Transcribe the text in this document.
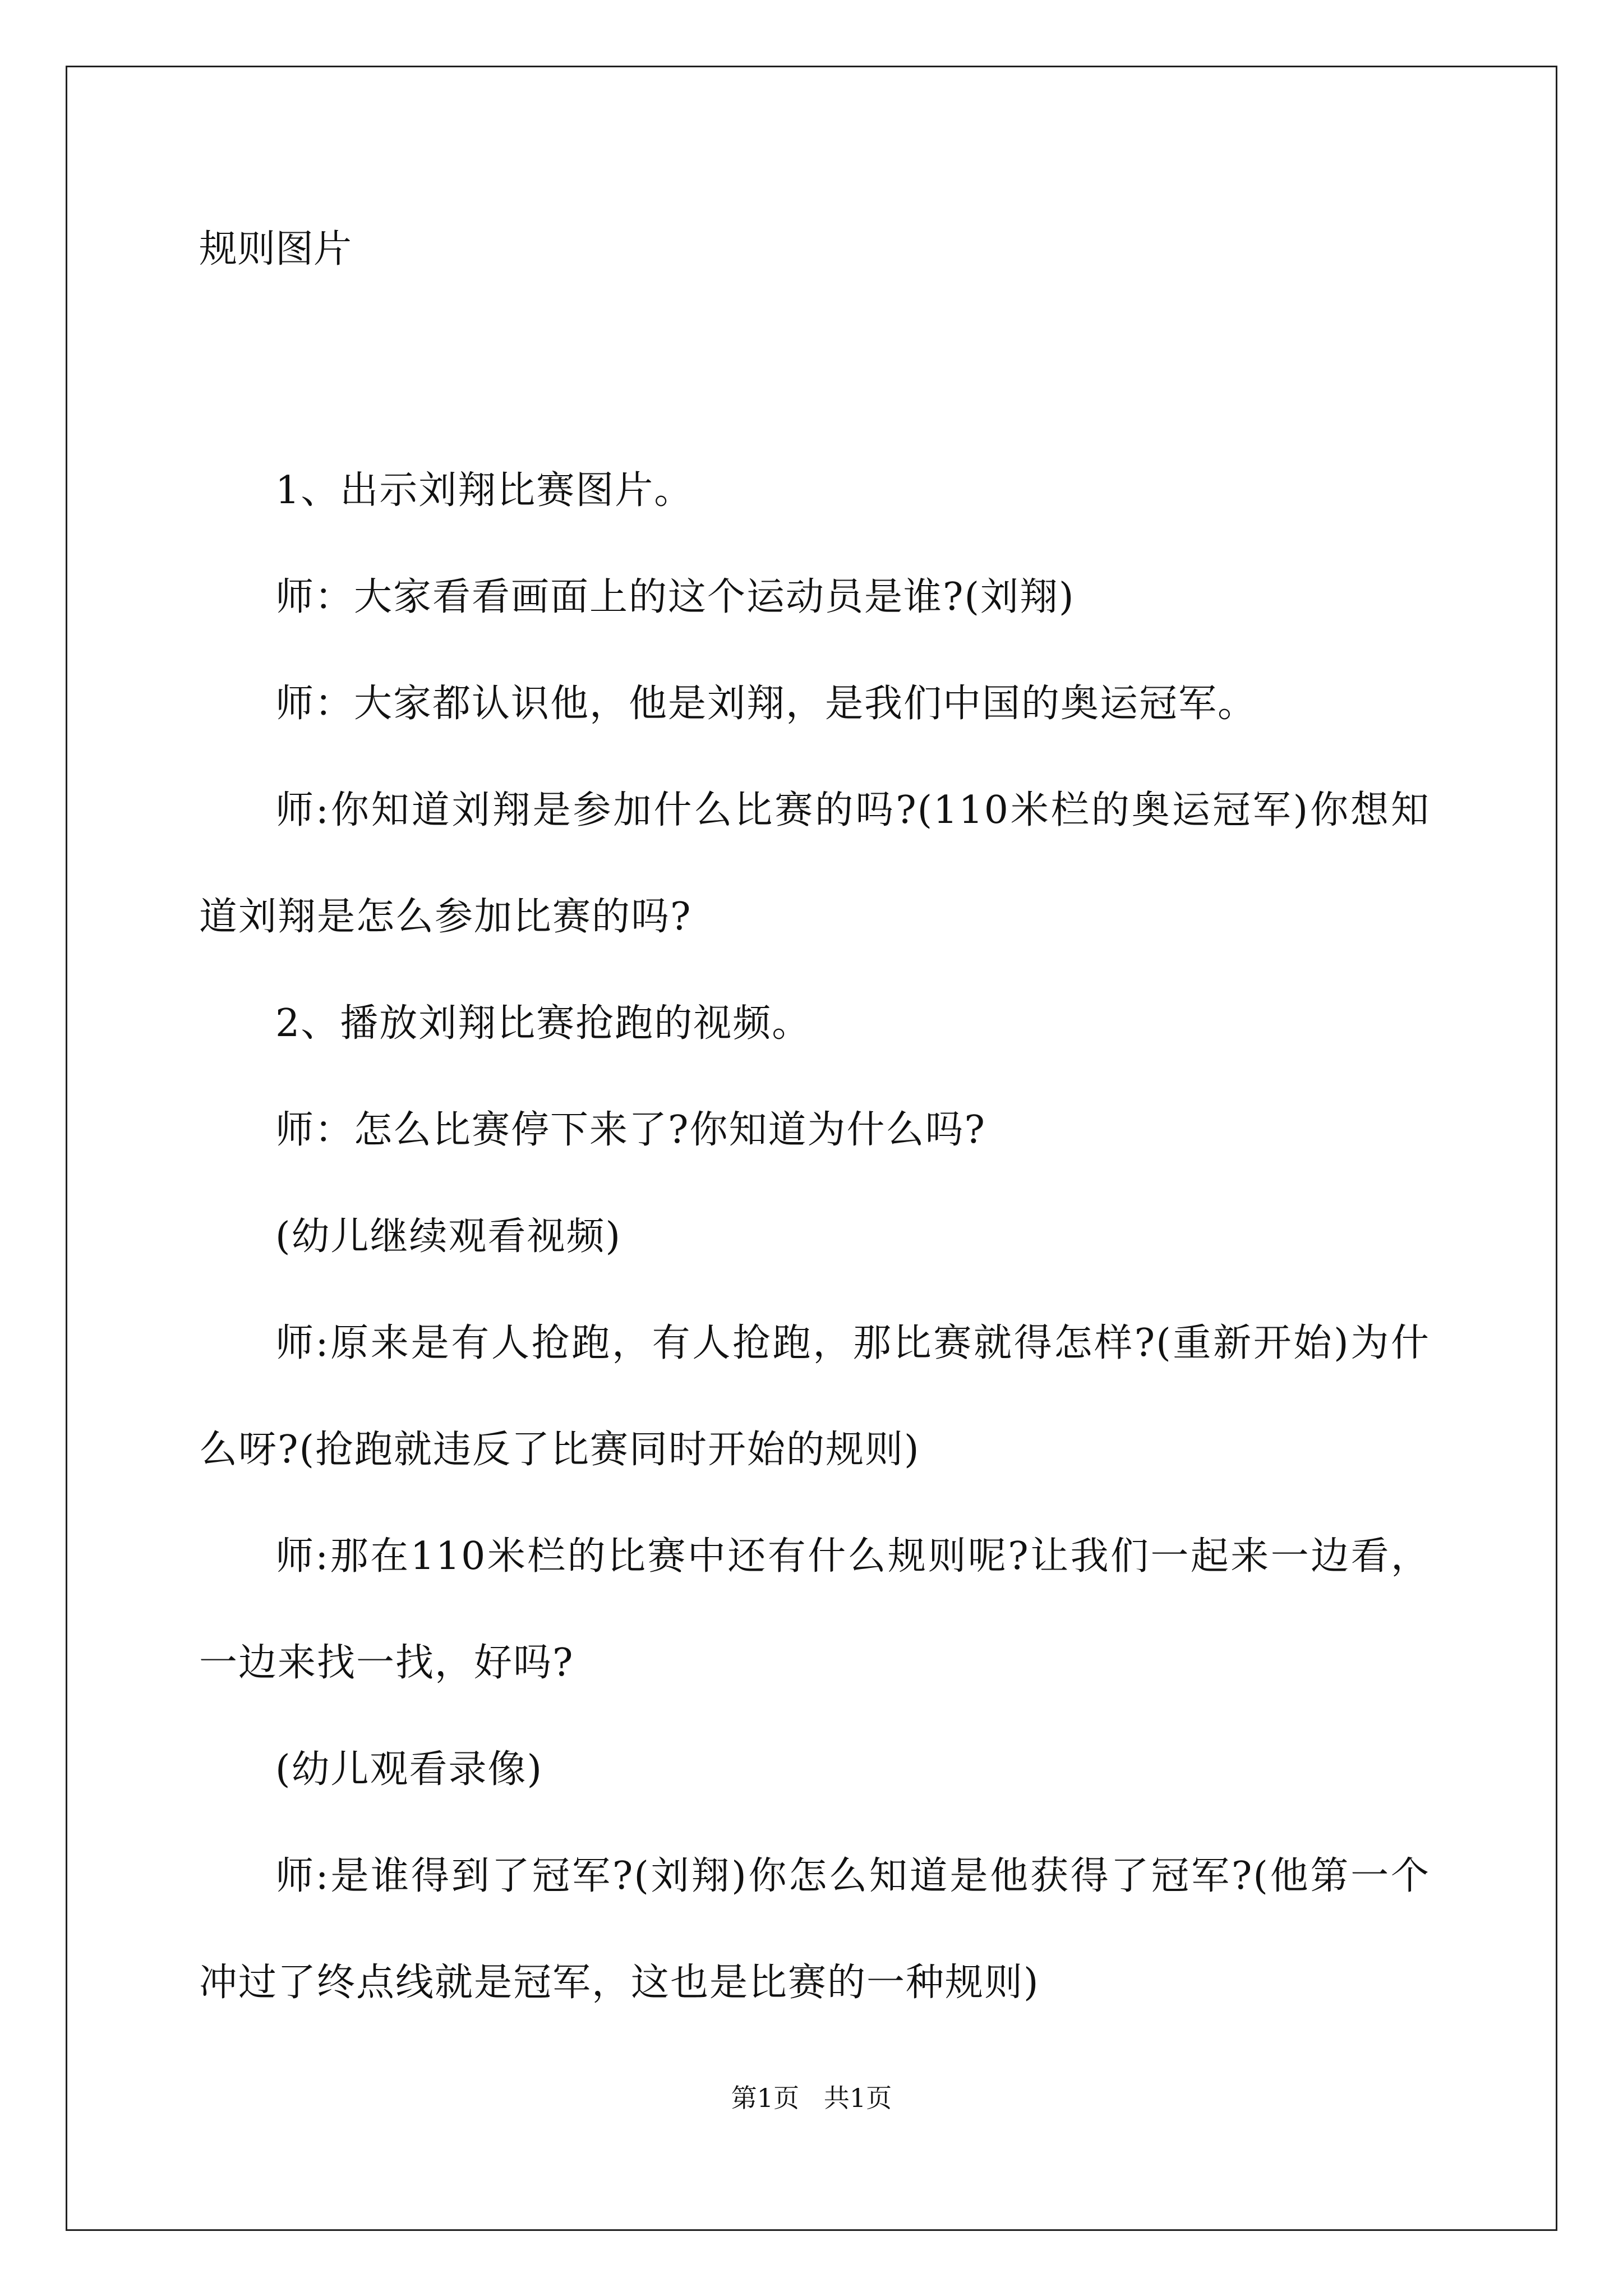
规则图片

1、出示刘翔比赛图片。

师：大家看看画面上的这个运动员是谁?(刘翔)

师：大家都认识他，他是刘翔，是我们中国的奥运冠军。

师:你知道刘翔是参加什么比赛的吗?(110米栏的奥运冠军)你想知道刘翔是怎么参加比赛的吗?

2、播放刘翔比赛抢跑的视频。

师：怎么比赛停下来了?你知道为什么吗?

(幼儿继续观看视频)

师:原来是有人抢跑，有人抢跑，那比赛就得怎样?(重新开始)为什么呀?(抢跑就违反了比赛同时开始的规则)

师:那在110米栏的比赛中还有什么规则呢?让我们一起来一边看，一边来找一找，好吗?

(幼儿观看录像)

师:是谁得到了冠军?(刘翔)你怎么知道是他获得了冠军?(他第一个冲过了终点线就是冠军，这也是比赛的一种规则)

第1页   共1页
